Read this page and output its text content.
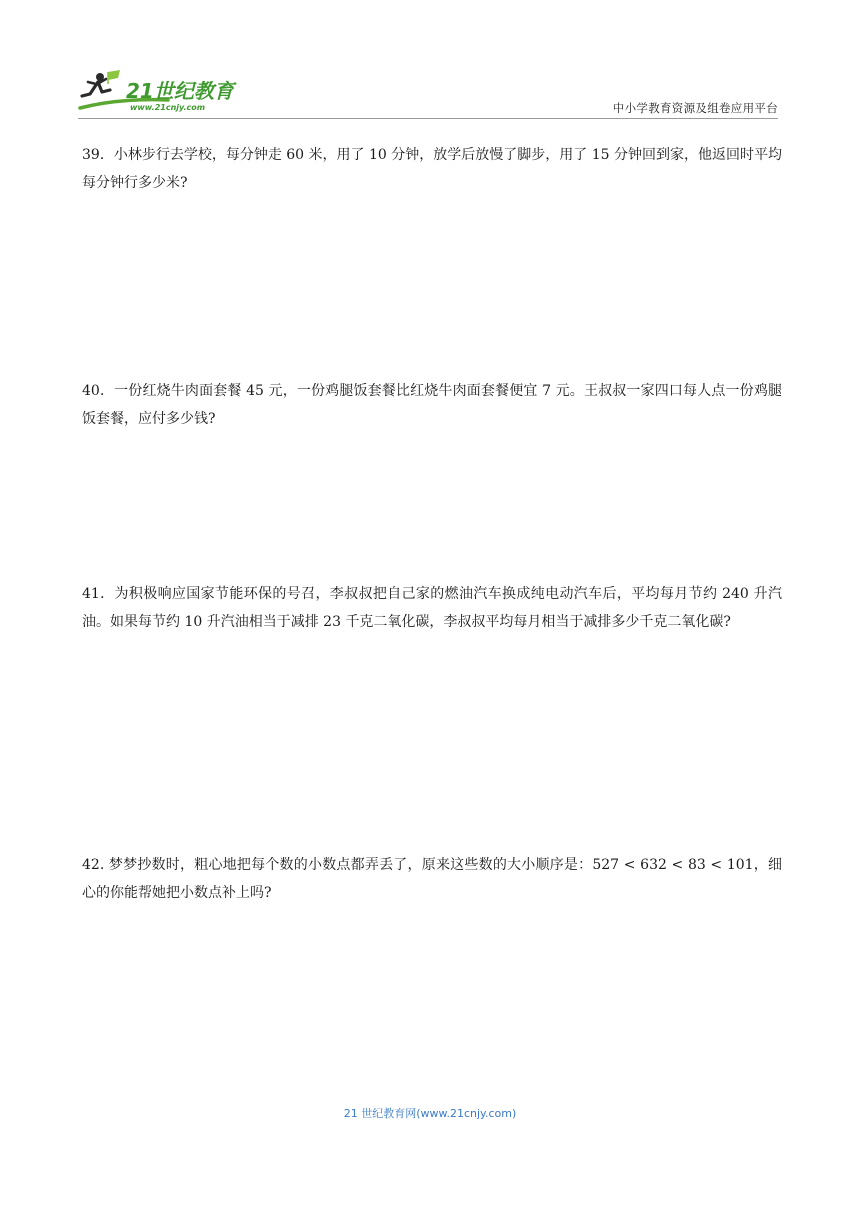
21世纪教育
www.21cnjy.com	中小学教育资源及组卷应用平台

39．小林步行去学校，每分钟走 60 米，用了 10 分钟，放学后放慢了脚步，用了 15 分钟回到家，他返回时平均每分钟行多少米?

40．一份红烧牛肉面套餐 45 元，一份鸡腿饭套餐比红烧牛肉面套餐便宜 7 元。王叔叔一家四口每人点一份鸡腿饭套餐，应付多少钱?

41．为积极响应国家节能环保的号召，李叔叔把自己家的燃油汽车换成纯电动汽车后，平均每月节约 240 升汽油。如果每节约 10 升汽油相当于减排 23 千克二氧化碳，李叔叔平均每月相当于减排多少千克二氧化碳?

42. 梦梦抄数时，粗心地把每个数的小数点都弄丢了，原来这些数的大小顺序是：527 < 632 < 83 < 101，细心的你能帮她把小数点补上吗?

21 世纪教育网(www.21cnjy.com)
